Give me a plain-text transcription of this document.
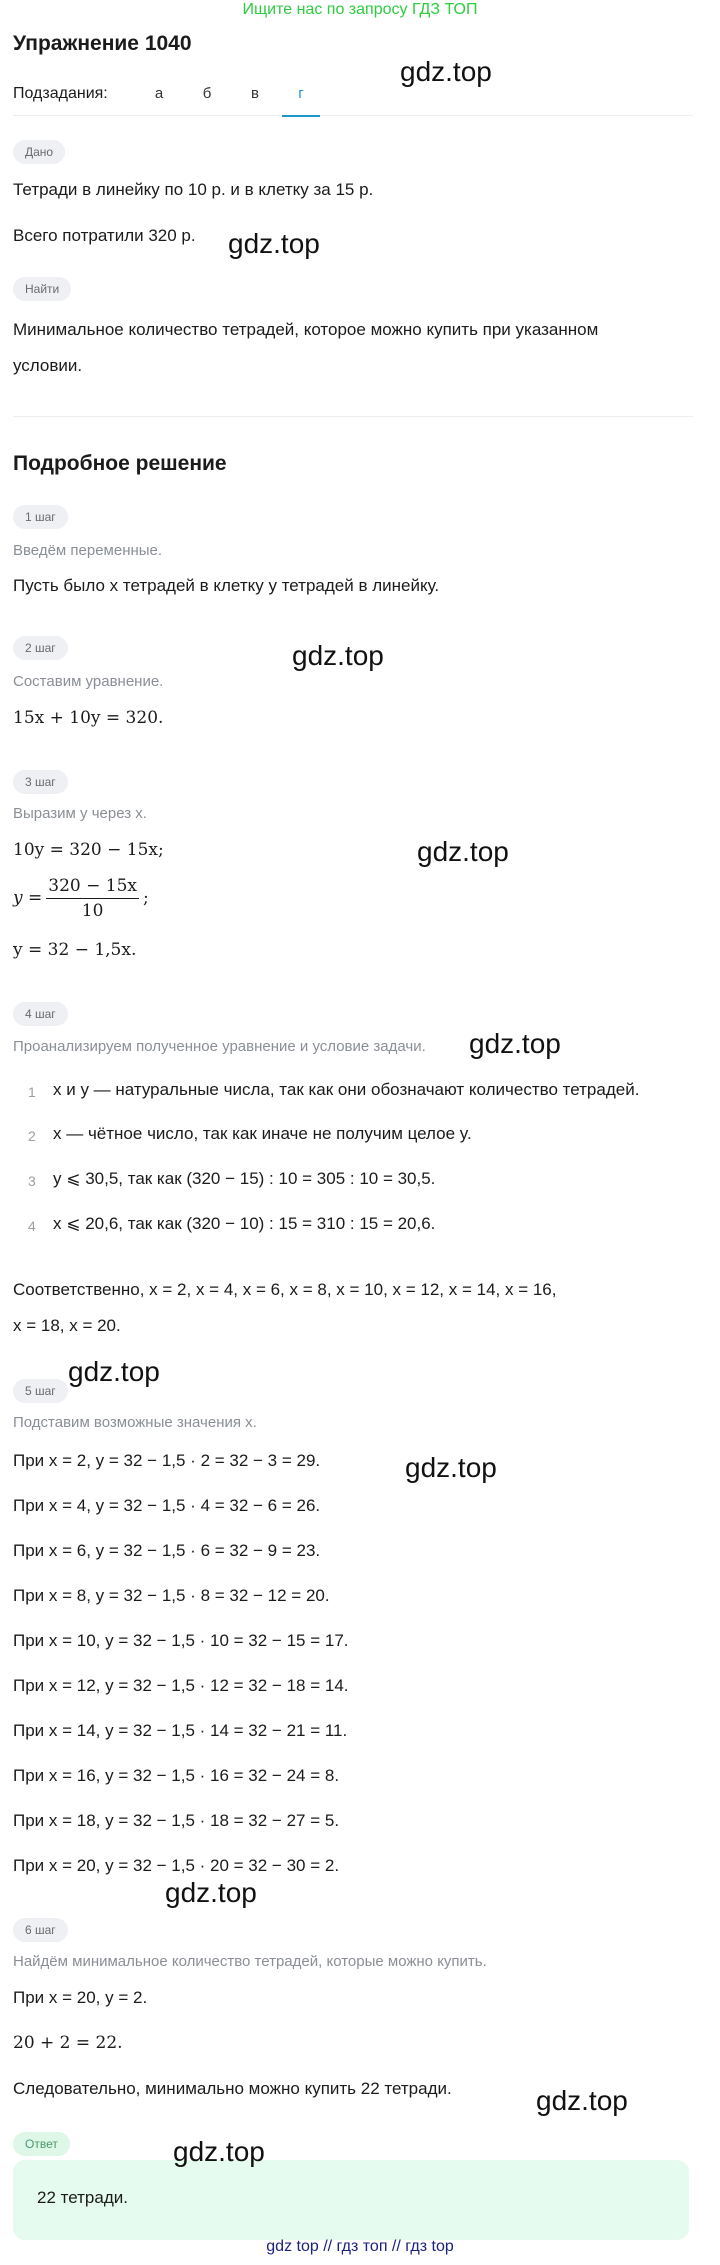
Ищите нас по запросу ГДЗ ТОП
Упражнение 1040
Подзадания:	а	б	в	г
Дано
Тетради в линейку по 10 р. и в клетку за 15 р.
Всего потратили 320 р.
Найти
Минимальное количество тетрадей, которое можно купить при указанном
условии.
Подробное решение
1 шаг
Введём переменные.
Пусть было x тетрадей в клетку y тетрадей в линейку.
2 шаг
Составим уравнение.
15x + 10y = 320.
3 шаг
Выразим y через x.
10y = 320 − 15x;
$y = \frac{320 - 15x}{10}$ ;
y = 32 − 1,5x.
4 шаг
Проанализируем полученное уравнение и условие задачи.
1 x и y — натуральные числа, так как они обозначают количество тетрадей.
2 x — чётное число, так как иначе не получим целое y.
3 y ⩽ 30,5, так как (320 − 15) : 10 = 305 : 10 = 30,5.
4 x ⩽ 20,6, так как (320 − 10) : 15 = 310 : 15 = 20,6.
Соответственно, x = 2, x = 4, x = 6, x = 8, x = 10, x = 12, x = 14, x = 16,
x = 18, x = 20.
5 шаг
Подставим возможные значения x.
При x = 2, y = 32 − 1,5 · 2 = 32 − 3 = 29.
При x = 4, y = 32 − 1,5 · 4 = 32 − 6 = 26.
При x = 6, y = 32 − 1,5 · 6 = 32 − 9 = 23.
При x = 8, y = 32 − 1,5 · 8 = 32 − 12 = 20.
При x = 10, y = 32 − 1,5 · 10 = 32 − 15 = 17.
При x = 12, y = 32 − 1,5 · 12 = 32 − 18 = 14.
При x = 14, y = 32 − 1,5 · 14 = 32 − 21 = 11.
При x = 16, y = 32 − 1,5 · 16 = 32 − 24 = 8.
При x = 18, y = 32 − 1,5 · 18 = 32 − 27 = 5.
При x = 20, y = 32 − 1,5 · 20 = 32 − 30 = 2.
6 шаг
Найдём минимальное количество тетрадей, которые можно купить.
При x = 20, y = 2.
20 + 2 = 22.
Следовательно, минимально можно купить 22 тетради.
Ответ
22 тетради.
gdz.top
gdz.top
gdz.top
gdz.top
gdz.top
gdz.top
gdz.top
gdz.top
gdz.top
gdz.top
gdz top // гдз топ // гдз top
